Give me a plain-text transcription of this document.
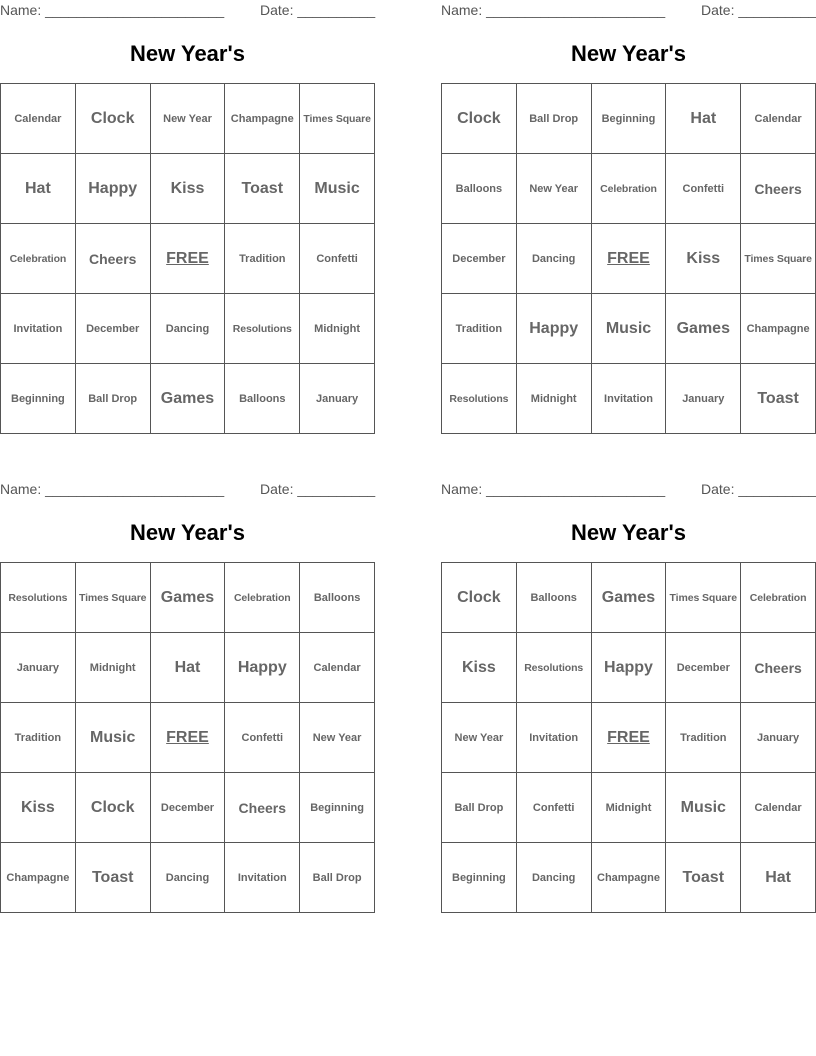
Name: _______________________	Date: __________
New Year's
Calendar	Clock	New Year	Champagne	Times Square
Hat	Happy	Kiss	Toast	Music
Celebration	Cheers	FREE	Tradition	Confetti
Invitation	December	Dancing	Resolutions	Midnight
Beginning	Ball Drop	Games	Balloons	January
Name: _______________________	Date: __________
New Year's
Clock	Ball Drop	Beginning	Hat	Calendar
Balloons	New Year	Celebration	Confetti	Cheers
December	Dancing	FREE	Kiss	Times Square
Tradition	Happy	Music	Games	Champagne
Resolutions	Midnight	Invitation	January	Toast
Name: _______________________	Date: __________
New Year's
Resolutions	Times Square	Games	Celebration	Balloons
January	Midnight	Hat	Happy	Calendar
Tradition	Music	FREE	Confetti	New Year
Kiss	Clock	December	Cheers	Beginning
Champagne	Toast	Dancing	Invitation	Ball Drop
Name: _______________________	Date: __________
New Year's
Clock	Balloons	Games	Times Square	Celebration
Kiss	Resolutions	Happy	December	Cheers
New Year	Invitation	FREE	Tradition	January
Ball Drop	Confetti	Midnight	Music	Calendar
Beginning	Dancing	Champagne	Toast	Hat
